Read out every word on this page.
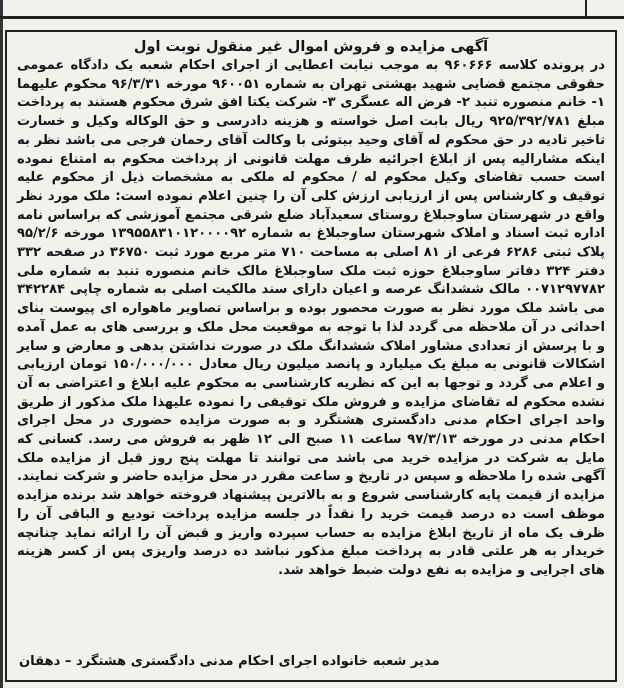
آگهی مزایده و فروش اموال غیر منقول نوبت اول
در پرونده کلاسه ۹۶۰۶۶۶ به موجب نیابت اعطایی از اجرای احکام شعبه یک دادگاه عمومی حقوقی مجتمع قضایی شهید بهشتی تهران به شماره ۹۶۰۰۵۱ مورخه ۹۶/۳/۳۱ محکوم علیهما ۱- خانم منصوره تنبد ۲- فرض اله عسگری ۳- شرکت یکتا افق شرق محکوم هستند به پرداخت مبلغ ۹۲۵/۳۹۲/۷۸۱ ریال بابت اصل خواسته و هزینه دادرسی و حق الوکاله وکیل و خسارت تاخیر تادیه در حق محکوم له آقای وحید بیتوئی با وکالت آقای رحمان فرجی می باشد نظر به اینکه مشارالیه پس از ابلاغ اجرائیه ظرف مهلت قانونی از پرداخت محکوم به امتناع نموده است حسب تقاضای وکیل محکوم له / محکوم له ملکی به مشخصات ذیل از محکوم علیه توقیف و کارشناس پس از ارزیابی ارزش کلی آن را چنین اعلام نموده است: ملک مورد نظر واقع در شهرستان ساوجبلاغ روستای سعیدآباد ضلع شرقی مجتمع آموزشی که براساس نامه اداره ثبت اسناد و املاک شهرستان ساوجبلاغ به شماره ۱۳۹۵۵۸۳۱۰۱۲۰۰۰۰۹۲ مورخه ۹۵/۲/۶ پلاک ثبتی ۶۲۸۶ فرعی از ۸۱ اصلی به مساحت ۷۱۰ متر مربع مورد ثبت ۳۶۷۵۰ در صفحه ۳۳۲ دفتر ۳۲۴ دفاتر ساوجبلاغ حوزه ثبت ملک ساوجبلاغ مالک خانم منصوره تنبد به شماره ملی ۰۰۷۱۲۹۷۷۸۲ مالک ششدانگ عرصه و اعیان دارای سند مالکیت اصلی به شماره چاپی ۳۴۲۲۸۴ می باشد ملک مورد نظر به صورت محصور بوده و براساس تصاویر ماهواره ای پیوست بنای احداثی در آن ملاحظه می گردد لذا با توجه به موقعیت محل ملک و بررسی های به عمل آمده و با پرسش از تعدادی مشاور املاک ششدانگ ملک در صورت نداشتن بدهی و معارض و سایر اشکالات قانونی به مبلغ یک میلیارد و پانصد میلیون ریال معادل ۱۵۰/۰۰۰/۰۰۰ تومان ارزیابی و اعلام می گردد و توجها به این که نظریه کارشناسی به محکوم علیه ابلاغ و اعتراضی به آن نشده محکوم له تقاضای مزایده و فروش ملک توقیفی را نموده علیهذا ملک مذکور از طریق واحد اجرای احکام مدنی دادگستری هشتگرد و به صورت مزایده حضوری در محل اجرای احکام مدنی در مورخه ۹۷/۳/۱۳ ساعت ۱۱ صبح الی ۱۲ ظهر به فروش می رسد. کسانی که مایل به شرکت در مزایده خرید می باشد می توانند تا مهلت پنج روز قبل از مزایده ملک آگهی شده را ملاحظه و سپس در تاریخ و ساعت مقرر در محل مزایده حاضر و شرکت نمایند. مزایده از قیمت پایه کارشناسی شروع و به بالاترین پیشنهاد فروخته خواهد شد برنده مزایده موظف است ده درصد قیمت خرید را نقداً در جلسه مزایده پرداخت تودیع و الباقی آن را ظرف یک ماه از تاریخ ابلاغ مزایده به حساب سپرده واریز و قبض آن را ارائه نماید چنانچه خریدار به هر علتی قادر به پرداخت مبلغ مذکور نباشد ده درصد واریزی پس از کسر هزینه های اجرایی و مزایده به نفع دولت ضبط خواهد شد.
مدیر شعبه خانواده اجرای احکام مدنی دادگستری هشتگرد – دهقان
